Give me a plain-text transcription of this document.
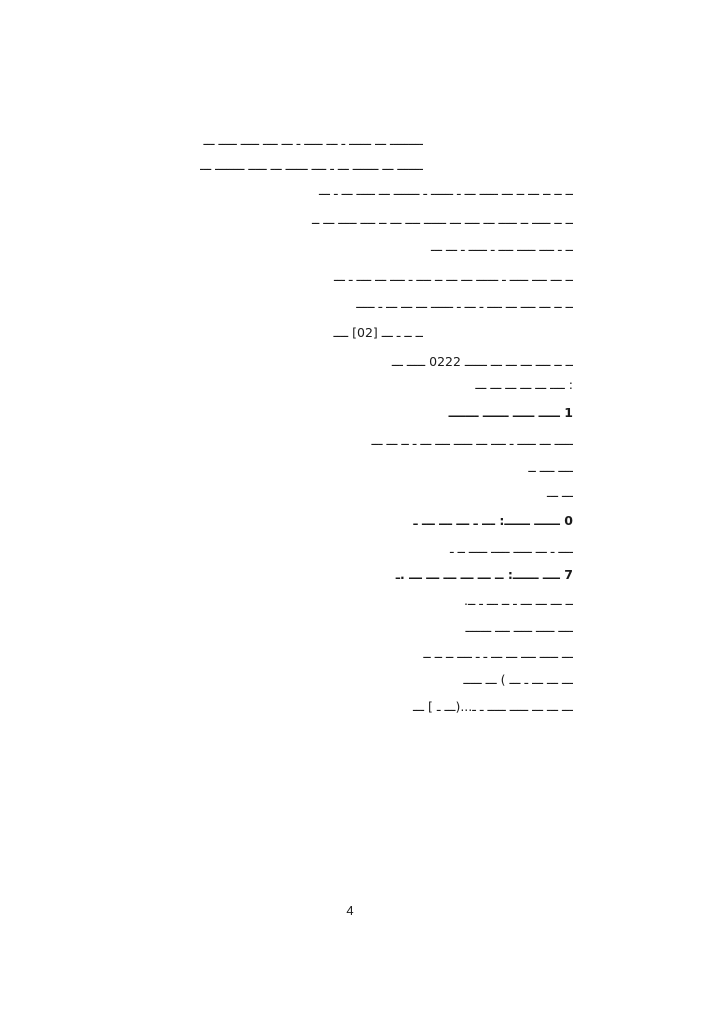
ـــــــــ ـــ ــــــ ـ ـــ ـــــ ـ ـــ ــــ ـــــ ـــــ ـــ
ـــــــ ـــ ـــــــ ـــ ـ ــــ ــــــ ـــ ـــــ ــــــــ ـــ
ــ ــ ــ ـــ ــ ـــ ـــــ ـــ ـ ــــــ ـ ـــــــ ـــ ـــــ ـــ ـ ـــ
ــ ــ ـــــ ــ ـــــ ـــ ــــ ـــ ــــــ ــــ ـــ ــ ــــ ـــــ ـــ ــ
ــ ـ ــــ ـــــ ــــ ـ ـــــ ـ ـــ ـــ
ــ ـــ ــــ ـــــ ـ ــــــ ـــ ـــ ــ ــــ ـ ــــ ـــ ــــ ـ ـــ
ــ ــ ـــ ــــ ـــ ــــ ـ ـــ ـ ــــــ ـــ ـــ ـــ ـ ـــــ
ــ ــ ـ ـــ [02] ــــ
ــ ــ ــــ ـــ ـــ ـــ ــــــ 0222 ـــــ ـــ
: ــــ ـــ ـــ ـــ ـــ ـــ
1 ـــــ ـــــ ــــــ ـــــــ
ـــــ ـــ ـــــ ـ ــــ ـــ ـــــ ــــ ـــ ـ ــ ـــ ـــ
ــــ ــــ ــ
ـــ ـــ
0 ــــــ ــــــ: ـــ ـ ـــ ـــ ـــ ـ
ــــ ـ ـــ ـــــ ـــــ ـــــ ــ ـ
7 ــــ ــــــ: ــ ـــ ـــ ـــ ـــ ـــ .ـ
ــ ـــ ـــ ـــ ـ ــ ـــ ـ ــ.
ــــ ـــــ ـــــ ــــ ـــــــ
ـــ ـــــ ــــ ـــ ـــ ـ ـ ــــ ــ ــ ــ
ـــ ـــ ـــ ـ ـــ ) ـــ ـــــ
ـــ ـــ ـــ ـــــ ـــــ ـ ـ...(ـــ ـ ] ـــ
4
